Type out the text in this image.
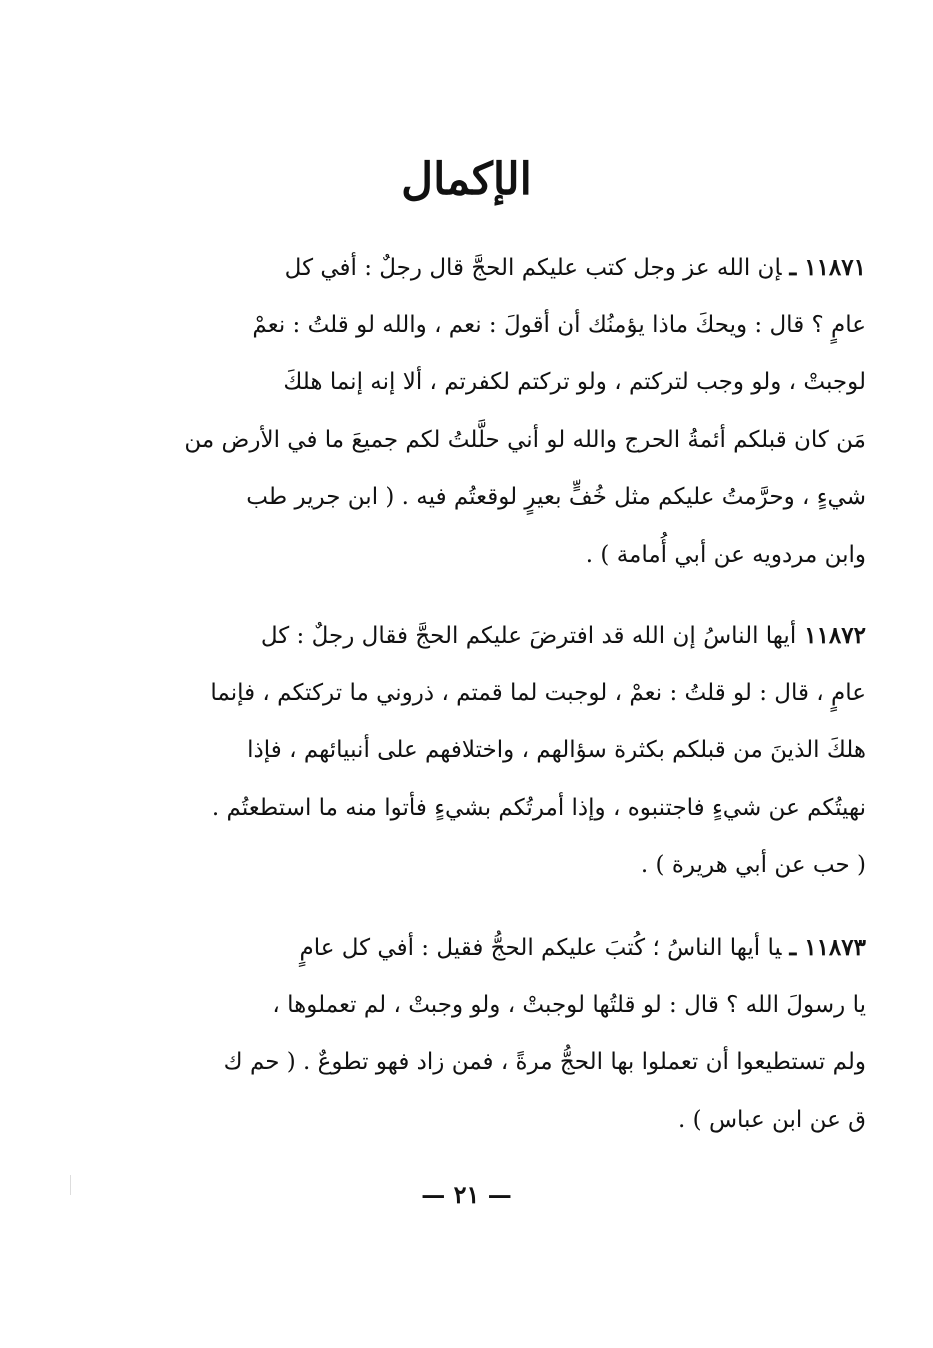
الإكمال
١١٨٧١ ـإن الله عز وجل كتب عليكم الحجَّ قال رجلٌ : أفي كل
عامٍ ؟ قال : ويحكَ ماذا يؤمنُك أن أقولَ : نعم ، والله لو قلتُ : نعمْ
لوجبتْ ، ولو وجب لتركتم ، ولو تركتم لكفرتم ، ألا إنه إنما هلكَ
مَن كان قبلكم أئمةُ الحرج والله لو أني حلَّلتُ لكم جميعَ ما في الأرض من
شيءٍ ، وحرَّمتُ عليكم مثل خُفٍّ بعيرٍ لوقعتُم فيه . ( ابن جرير طب
وابن مردويه عن أبي أُمامة ) .
١١٨٧٢أيها الناسُ إن الله قد افترضَ عليكم الحجَّ فقال رجلٌ : كل
عامٍ ، قال : لو قلتُ : نعمْ ، لوجبت لما قمتم ، ذروني ما تركتكم ، فإنما
هلكَ الذينَ من قبلكم بكثرة سؤالهم ، واختلافهم على أنبيائهم ، فإذا
نهيتُكم عن شيءٍ فاجتنبوه ، وإذا أمرتُكم بشيءٍ فأتوا منه ما استطعتُم .
( حب عن أبي هريرة ) .
١١٨٧٣ ـيا أيها الناسُ ؛ كُتبَ عليكم الحجُّ فقيل : أفي كل عامٍ
يا رسولَ الله ؟ قال : لو قلتُها لوجبتْ ، ولو وجبتْ ، لم تعملوها ،
ولم تستطيعوا أن تعملوا بها الحجُّ مرةً ، فمن زاد فهو تطوعٌ . ( حم ك
ق عن ابن عباس ) .
— ٢١ —
